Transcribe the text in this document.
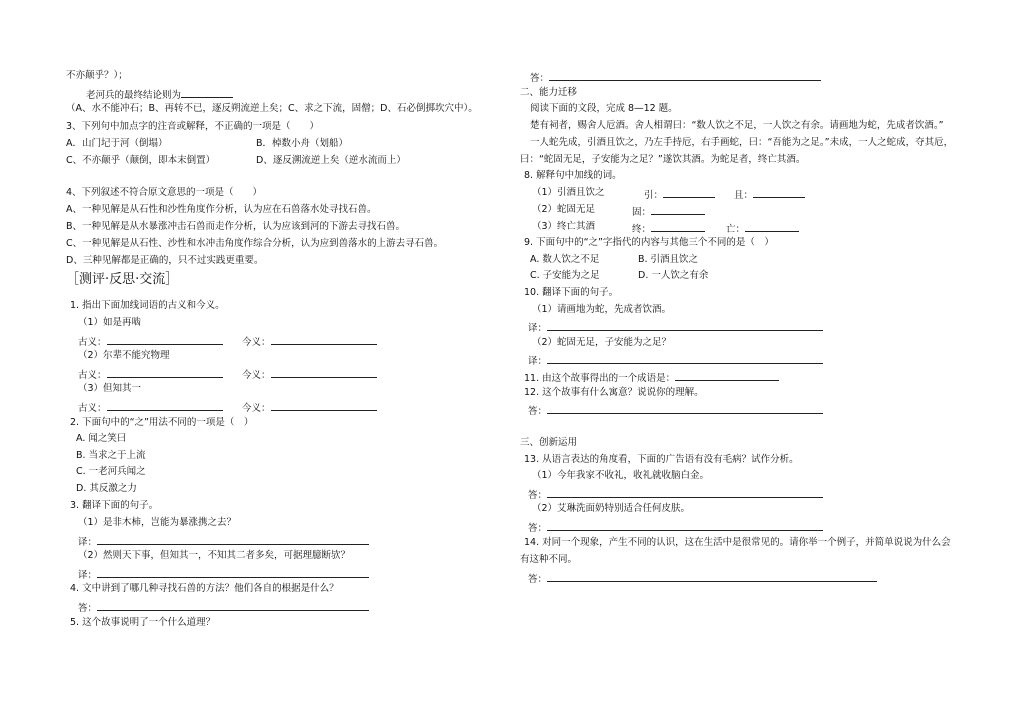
不亦颠乎？）；
老河兵的最终结论则为
（A、水不能冲石；B、再转不已，逐反朔流逆上矣；C、求之下流，固僧；D、石必倒掷坎穴中）。
3、下列句中加点字的注音或解释，不正确的一项是（　　）
A．山门圮于河（倒塌）	B．棹数小舟（划船）
C、不亦颠乎（颠倒，即本末倒置）	D、逐反溯流逆上矣（逆水流而上）
4、下列叙述不符合原文意思的一项是（　　）
A、一种见解是从石性和沙性角度作分析，认为应在石兽落水处寻找石兽。
B、一种见解是从水暴涨冲击石兽而走作分析，认为应该到河的下游去寻找石兽。
C、一种见解是从石性、沙性和水冲击角度作综合分析，认为应到兽落水的上游去寻石兽。
D、三种见解都是正确的，只不过实践更重要。
［测评·反思·交流］
1. 指出下面加线词语的古义和今义。
（1）如是再啮
古义：	今义：
（2）尔辈不能究物理
古义：	今义：
（3）但知其一
古义：	今义：
2. 下面句中的“之”用法不同的一项是（　）
A. 闻之笑曰
B. 当求之于上流
C. 一老河兵闻之
D. 其反激之力
3. 翻译下面的句子。
（1）是非木柿，岂能为暴涨携之去？
译：
（2）然则天下事，但知其一，不知其二者多矣，可据理臆断欤？
译：
4. 文中讲到了哪几种寻找石兽的方法？他们各自的根据是什么？
答：
5. 这个故事说明了一个什么道理？
答：
二、能力迁移
阅读下面的文段，完成 8—12 题。
楚有祠者，赐舍人卮酒。舍人相谓曰：“数人饮之不足，一人饮之有余。请画地为蛇，先成者饮酒。”
一人蛇先成，引酒且饮之，乃左手持卮，右手画蛇，曰：“吾能为之足。”未成，一人之蛇成，夺其卮，
曰：“蛇固无足，子安能为之足？”遂饮其酒。为蛇足者，终亡其酒。
8. 解释句中加线的词。
（1）引酒且饮之	引：	且：
（2）蛇固无足	固：
（3）终亡其酒	终：	亡：
9. 下面句中的“之”字指代的内容与其他三个不同的是（　）
A. 数人饮之不足	B. 引酒且饮之
C. 子安能为之足	D. 一人饮之有余
10. 翻译下面的句子。
（1）请画地为蛇，先成者饮酒。
译：
（2）蛇固无足，子安能为之足？
译：
11. 由这个故事得出的一个成语是：
12. 这个故事有什么寓意？说说你的理解。
答：
三、创新运用
13. 从语言表达的角度看，下面的广告语有没有毛病？试作分析。
（1）今年我家不收礼，收礼就收脑白金。
答：
（2）艾琳洗面奶特别适合任何皮肤。
答：
14. 对同一个现象，产生不同的认识，这在生活中是很常见的。请你举一个例子，并简单说说为什么会
有这种不同。
答：
